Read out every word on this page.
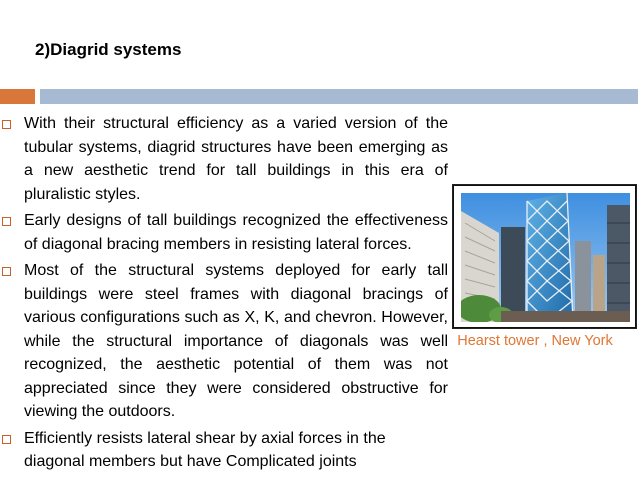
2)Diagrid systems
With their structural efficiency as a varied version of the tubular systems, diagrid structures have been emerging as a new aesthetic trend for tall buildings in this era of pluralistic styles.
Early designs of tall buildings recognized the effectiveness of diagonal bracing members in resisting lateral forces.
Most of the structural systems deployed for early tall buildings were steel frames with diagonal bracings of various configurations such as X, K, and chevron. However, while the structural importance of diagonals was well recognized, the aesthetic potential of them was not appreciated since they were considered obstructive for viewing the outdoors.
Efficiently resists lateral shear by axial forces in the diagonal members but have Complicated joints
Hearst tower , New York
